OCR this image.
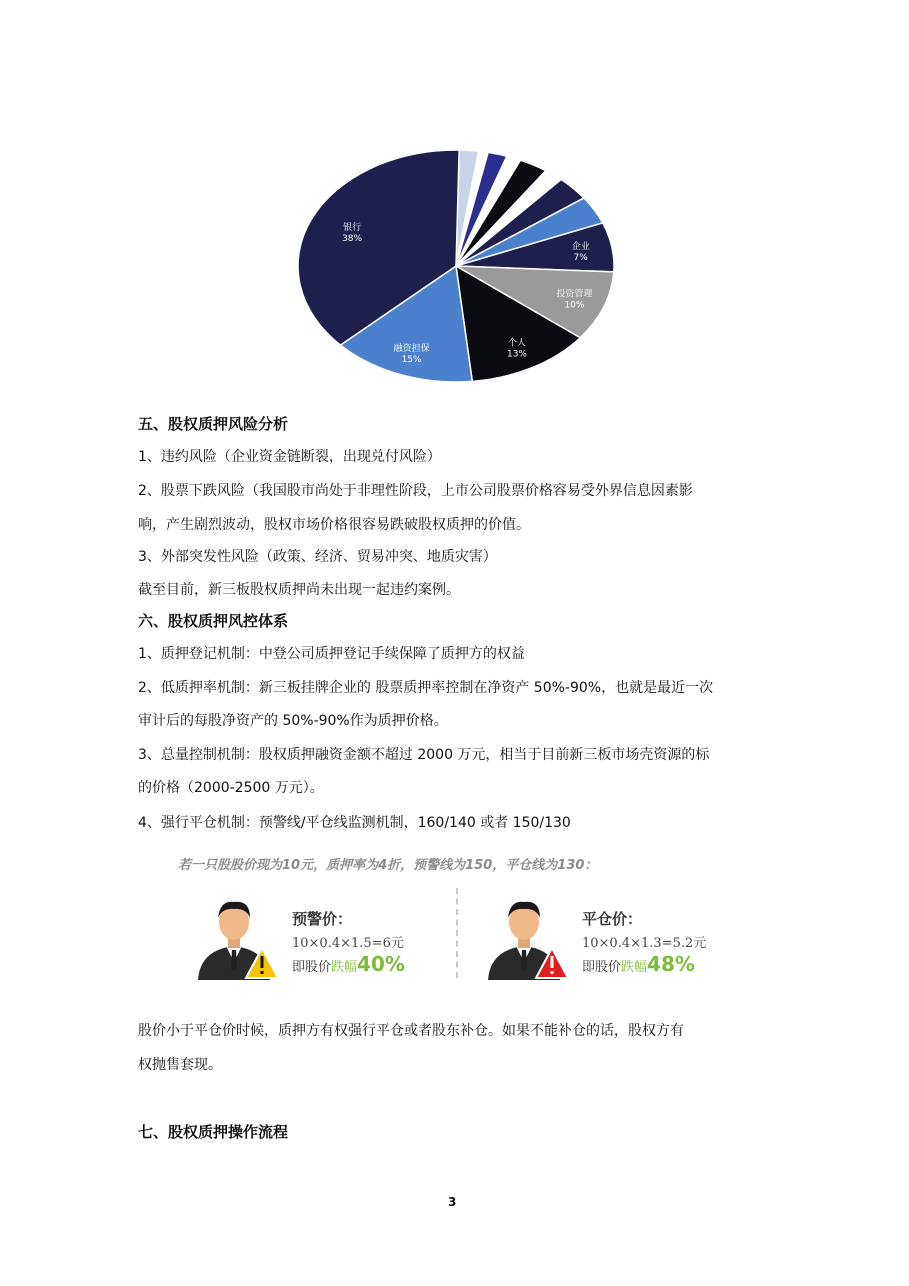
企业
7%
投资管理
10%
个人
13%
融资担保
15%
银行
38%
五、股权质押风险分析
1、违约风险（企业资金链断裂，出现兑付风险）
2、股票下跌风险（我国股市尚处于非理性阶段，上市公司股票价格容易受外界信息因素影
响，产生剧烈波动，股权市场价格很容易跌破股权质押的价值。
3、外部突发性风险（政策、经济、贸易冲突、地质灾害）
截至目前，新三板股权质押尚未出现一起违约案例。
六、股权质押风控体系
1、质押登记机制：中登公司质押登记手续保障了质押方的权益
2、低质押率机制：新三板挂牌企业的 股票质押率控制在净资产 50%-90%，也就是最近一次
审计后的每股净资产的 50%-90%作为质押价格。
3、总量控制机制：股权质押融资金额不超过 2000 万元，相当于目前新三板市场壳资源的标
的价格（2000-2500 万元）。
4、强行平仓机制：预警线/平仓线监测机制，160/140 或者 150/130
若一只股股价现为10元，质押率为4折，预警线为150，平仓线为130：
预警价：
10×0.4×1.5=6元
即股价跌幅40%
平仓价：
10×0.4×1.3=5.2元
即股价跌幅48%
股价小于平仓价时候，质押方有权强行平仓或者股东补仓。如果不能补仓的话，股权方有
权抛售套现。
七、股权质押操作流程
3
